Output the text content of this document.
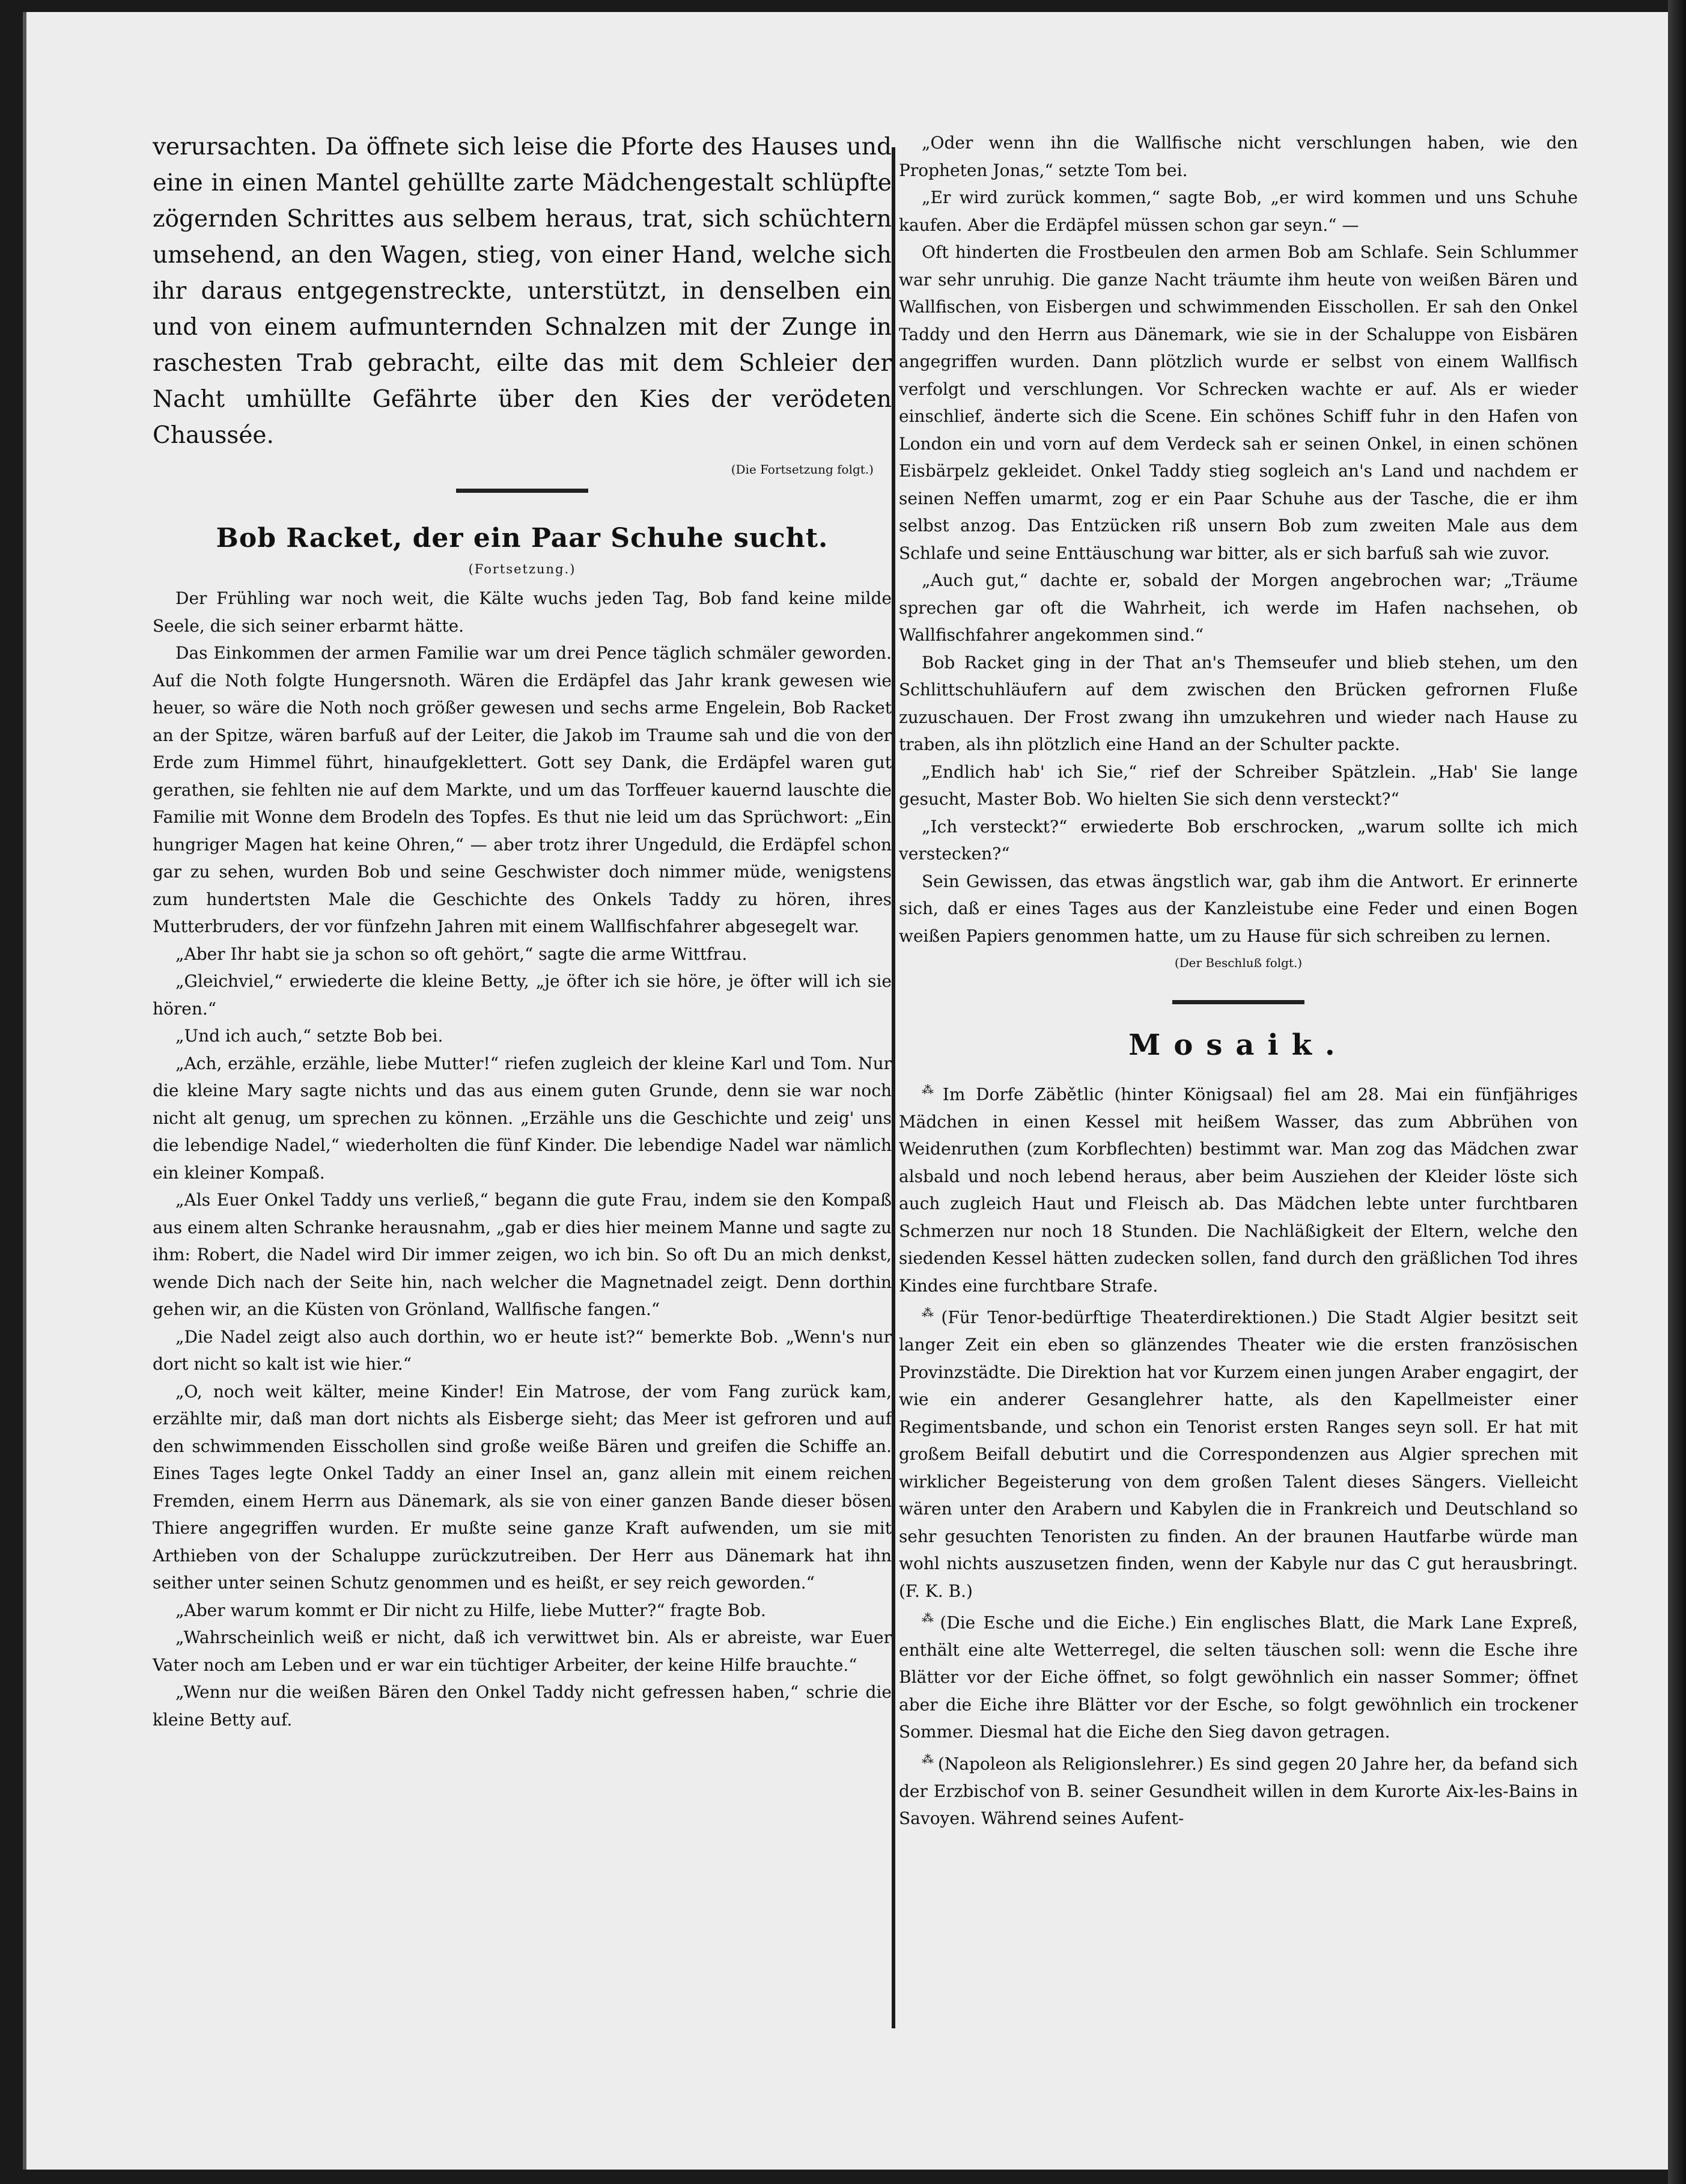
verursachten. Da öffnete sich leise die Pforte des Hauses und eine in einen Mantel gehüllte zarte Mädchengestalt schlüpfte zögernden Schrittes aus selbem heraus, trat, sich schüchtern umsehend, an den Wagen, stieg, von einer Hand, welche sich ihr daraus entgegenstreckte, unterstützt, in denselben ein und von einem aufmunternden Schnalzen mit der Zunge in raschesten Trab gebracht, eilte das mit dem Schleier der Nacht umhüllte Gefährte über den Kies der verödeten Chaussée.

(Die Fortsetzung folgt.)
Bob Racket, der ein Paar Schuhe sucht.
(Fortsetzung.)

Der Frühling war noch weit, die Kälte wuchs jeden Tag, Bob fand keine milde Seele, die sich seiner erbarmt hätte.

Das Einkommen der armen Familie war um drei Pence täglich schmäler geworden. Auf die Noth folgte Hungersnoth. Wären die Erdäpfel das Jahr krank gewesen wie heuer, so wäre die Noth noch größer gewesen und sechs arme Engelein, Bob Racket an der Spitze, wären barfuß auf der Leiter, die Jakob im Traume sah und die von der Erde zum Himmel führt, hinaufgeklettert. Gott sey Dank, die Erdäpfel waren gut gerathen, sie fehlten nie auf dem Markte, und um das Torffeuer kauernd lauschte die Familie mit Wonne dem Brodeln des Topfes. Es thut nie leid um das Sprüchwort: „Ein hungriger Magen hat keine Ohren,“ — aber trotz ihrer Ungeduld, die Erdäpfel schon gar zu sehen, wurden Bob und seine Geschwister doch nimmer müde, wenigstens zum hundertsten Male die Geschichte des Onkels Taddy zu hören, ihres Mutterbruders, der vor fünfzehn Jahren mit einem Wallfischfahrer abgesegelt war.

„Aber Ihr habt sie ja schon so oft gehört,“ sagte die arme Wittfrau.

„Gleichviel,“ erwiederte die kleine Betty, „je öfter ich sie höre, je öfter will ich sie hören.“

„Und ich auch,“ setzte Bob bei.

„Ach, erzähle, erzähle, liebe Mutter!“ riefen zugleich der kleine Karl und Tom. Nur die kleine Mary sagte nichts und das aus einem guten Grunde, denn sie war noch nicht alt genug, um sprechen zu können. „Erzähle uns die Geschichte und zeig' uns die lebendige Nadel,“ wiederholten die fünf Kinder. Die lebendige Nadel war nämlich ein kleiner Kompaß.

„Als Euer Onkel Taddy uns verließ,“ begann die gute Frau, indem sie den Kompaß aus einem alten Schranke herausnahm, „gab er dies hier meinem Manne und sagte zu ihm: Robert, die Nadel wird Dir immer zeigen, wo ich bin. So oft Du an mich denkst, wende Dich nach der Seite hin, nach welcher die Magnetnadel zeigt. Denn dorthin gehen wir, an die Küsten von Grönland, Wallfische fangen.“

„Die Nadel zeigt also auch dorthin, wo er heute ist?“ bemerkte Bob. „Wenn's nur dort nicht so kalt ist wie hier.“

„O, noch weit kälter, meine Kinder! Ein Matrose, der vom Fang zurück kam, erzählte mir, daß man dort nichts als Eisberge sieht; das Meer ist gefroren und auf den schwimmenden Eisschollen sind große weiße Bären und greifen die Schiffe an. Eines Tages legte Onkel Taddy an einer Insel an, ganz allein mit einem reichen Fremden, einem Herrn aus Dänemark, als sie von einer ganzen Bande dieser bösen Thiere angegriffen wurden. Er mußte seine ganze Kraft aufwenden, um sie mit Arthieben von der Schaluppe zurückzutreiben. Der Herr aus Dänemark hat ihn seither unter seinen Schutz genommen und es heißt, er sey reich geworden.“

„Aber warum kommt er Dir nicht zu Hilfe, liebe Mutter?“ fragte Bob.

„Wahrscheinlich weiß er nicht, daß ich verwittwet bin. Als er abreiste, war Euer Vater noch am Leben und er war ein tüchtiger Arbeiter, der keine Hilfe brauchte.“

„Wenn nur die weißen Bären den Onkel Taddy nicht gefressen haben,“ schrie die kleine Betty auf.

„Oder wenn ihn die Wallfische nicht verschlungen haben, wie den Propheten Jonas,“ setzte Tom bei.

„Er wird zurück kommen,“ sagte Bob, „er wird kommen und uns Schuhe kaufen. Aber die Erdäpfel müssen schon gar seyn.“ —

Oft hinderten die Frostbeulen den armen Bob am Schlafe. Sein Schlummer war sehr unruhig. Die ganze Nacht träumte ihm heute von weißen Bären und Wallfischen, von Eisbergen und schwimmenden Eisschollen. Er sah den Onkel Taddy und den Herrn aus Dänemark, wie sie in der Schaluppe von Eisbären angegriffen wurden. Dann plötzlich wurde er selbst von einem Wallfisch verfolgt und verschlungen. Vor Schrecken wachte er auf. Als er wieder einschlief, änderte sich die Scene. Ein schönes Schiff fuhr in den Hafen von London ein und vorn auf dem Verdeck sah er seinen Onkel, in einen schönen Eisbärpelz gekleidet. Onkel Taddy stieg sogleich an's Land und nachdem er seinen Neffen umarmt, zog er ein Paar Schuhe aus der Tasche, die er ihm selbst anzog. Das Entzücken riß unsern Bob zum zweiten Male aus dem Schlafe und seine Enttäuschung war bitter, als er sich barfuß sah wie zuvor.

„Auch gut,“ dachte er, sobald der Morgen angebrochen war; „Träume sprechen gar oft die Wahrheit, ich werde im Hafen nachsehen, ob Wallfischfahrer angekommen sind.“

Bob Racket ging in der That an's Themseufer und blieb stehen, um den Schlittschuhläufern auf dem zwischen den Brücken gefrornen Fluße zuzuschauen. Der Frost zwang ihn umzukehren und wieder nach Hause zu traben, als ihn plötzlich eine Hand an der Schulter packte.

„Endlich hab' ich Sie,“ rief der Schreiber Spätzlein. „Hab' Sie lange gesucht, Master Bob. Wo hielten Sie sich denn versteckt?“

„Ich versteckt?“ erwiederte Bob erschrocken, „warum sollte ich mich verstecken?“

Sein Gewissen, das etwas ängstlich war, gab ihm die Antwort. Er erinnerte sich, daß er eines Tages aus der Kanzleistube eine Feder und einen Bogen weißen Papiers genommen hatte, um zu Hause für sich schreiben zu lernen.

(Der Beschluß folgt.)
Mosaik.

⁂ Im Dorfe Zäbětlic (hinter Königsaal) fiel am 28. Mai ein fünfjähriges Mädchen in einen Kessel mit heißem Wasser, das zum Abbrühen von Weidenruthen (zum Korbflechten) bestimmt war. Man zog das Mädchen zwar alsbald und noch lebend heraus, aber beim Ausziehen der Kleider löste sich auch zugleich Haut und Fleisch ab. Das Mädchen lebte unter furchtbaren Schmerzen nur noch 18 Stunden. Die Nachläßigkeit der Eltern, welche den siedenden Kessel hätten zudecken sollen, fand durch den gräßlichen Tod ihres Kindes eine furchtbare Strafe.

⁂ (Für Tenor-bedürftige Theaterdirektionen.) Die Stadt Algier besitzt seit langer Zeit ein eben so glänzendes Theater wie die ersten französischen Provinzstädte. Die Direktion hat vor Kurzem einen jungen Araber engagirt, der wie ein anderer Gesanglehrer hatte, als den Kapellmeister einer Regimentsbande, und schon ein Tenorist ersten Ranges seyn soll. Er hat mit großem Beifall debutirt und die Correspondenzen aus Algier sprechen mit wirklicher Begeisterung von dem großen Talent dieses Sängers. Vielleicht wären unter den Arabern und Kabylen die in Frankreich und Deutschland so sehr gesuchten Tenoristen zu finden. An der braunen Hautfarbe würde man wohl nichts auszusetzen finden, wenn der Kabyle nur das C gut herausbringt. (F. K. B.)

⁂ (Die Esche und die Eiche.) Ein englisches Blatt, die Mark Lane Expreß, enthält eine alte Wetterregel, die selten täuschen soll: wenn die Esche ihre Blätter vor der Eiche öffnet, so folgt gewöhnlich ein nasser Sommer; öffnet aber die Eiche ihre Blätter vor der Esche, so folgt gewöhnlich ein trockener Sommer. Diesmal hat die Eiche den Sieg davon getragen.

⁂ (Napoleon als Religionslehrer.) Es sind gegen 20 Jahre her, da befand sich der Erzbischof von B. seiner Gesundheit willen in dem Kurorte Aix-les-Bains in Savoyen. Während seines Aufent-
